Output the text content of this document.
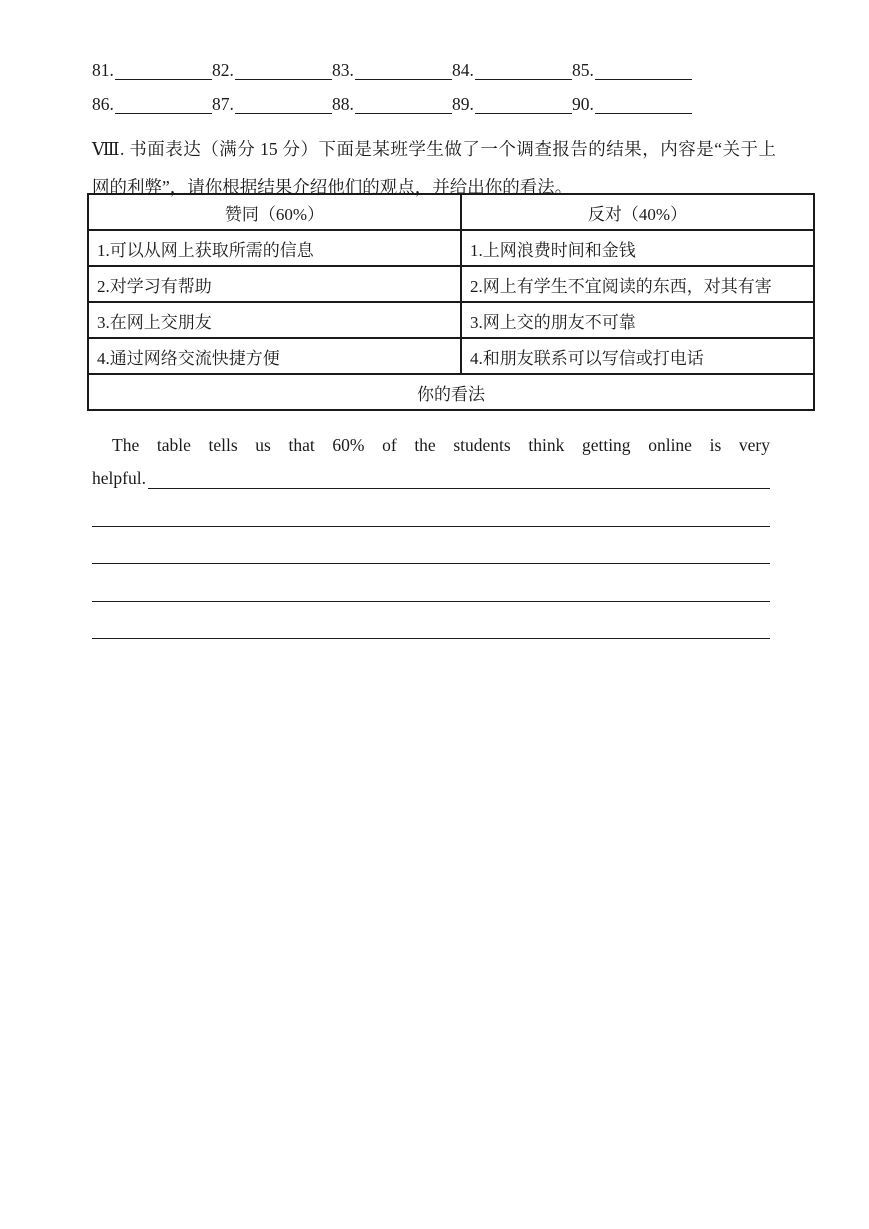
81.	82.	83.	84.	85.
86.	87.	88.	89.	90.
Ⅷ. 书面表达（满分 15 分）下面是某班学生做了一个调查报告的结果，内容是“关于上
网的利弊”，请你根据结果介绍他们的观点，并给出你的看法。
赞同（60%）	反对（40%）
1.可以从网上获取所需的信息	1.上网浪费时间和金钱
2.对学习有帮助	2.网上有学生不宜阅读的东西，对其有害
3.在网上交朋友	3.网上交的朋友不可靠
4.通过网络交流快捷方便	4.和朋友联系可以写信或打电话
你的看法	
The table tells us that 60% of the students think getting online is very
helpful.
